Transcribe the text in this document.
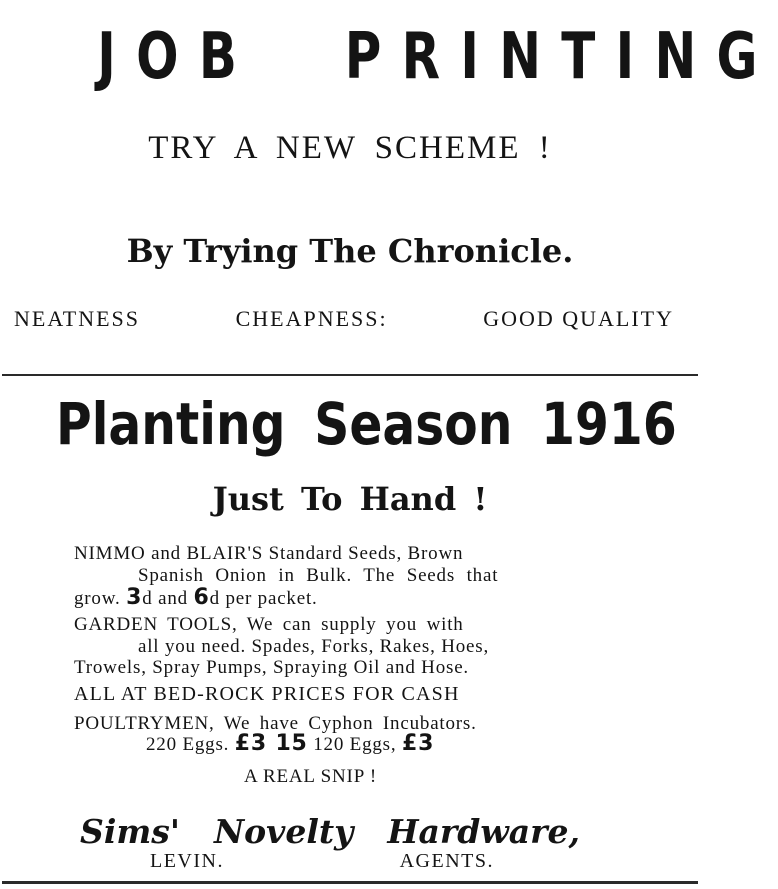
JOB PRINTING
TRY A NEW SCHEME !
By Trying The Chronicle.
NEATNESS	CHEAPNESS:	GOOD QUALITY
Planting Season 1916
Just To Hand !
NIMMO and BLAIR'S Standard Seeds, Brown
Spanish Onion in Bulk. The Seeds that
grow. 3d and 6d per packet.
GARDEN TOOLS, We can supply you with
all you need. Spades, Forks, Rakes, Hoes,
Trowels, Spray Pumps, Spraying Oil and Hose.
ALL AT BED-ROCK PRICES FOR CASH
POULTRYMEN, We have Cyphon Incubators.
220 Eggs. £3 15 120 Eggs, £3
A REAL SNIP !
Sims' Novelty Hardware,
LEVIN.	AGENTS.
